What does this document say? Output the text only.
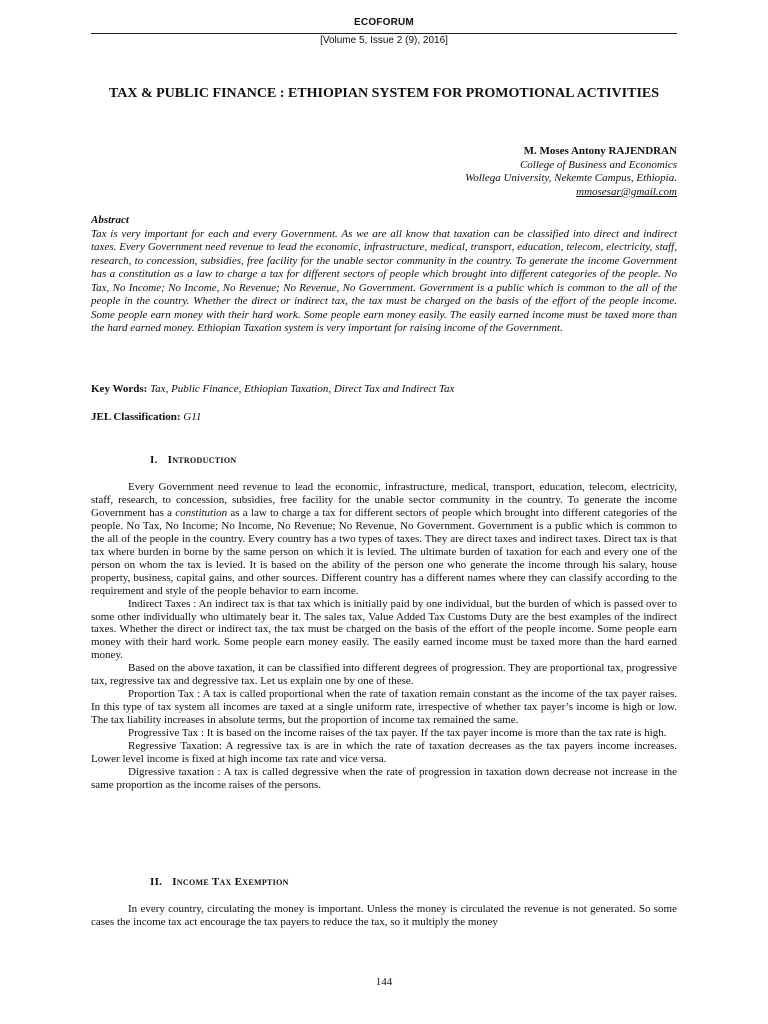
ECOFORUM
[Volume 5, Issue 2 (9), 2016]
TAX & PUBLIC FINANCE : ETHIOPIAN SYSTEM FOR PROMOTIONAL ACTIVITIES
M. Moses Antony RAJENDRAN
College of Business and Economics
Wollega University, Nekemte Campus, Ethiopia.
mmosesar@gmail.com
Abstract
Tax is very important for each and every Government. As we are all know that taxation can be classified into direct and indirect taxes. Every Government need revenue to lead the economic, infrastructure, medical, transport, education, telecom, electricity, staff, research, to concession, subsidies, free facility for the unable sector community in the country. To generate the income Government has a constitution as a law to charge a tax for different sectors of people which brought into different categories of the people. No Tax, No Income; No Income, No Revenue; No Revenue, No Government. Government is a public which is common to the all of the people in the country. Whether the direct or indirect tax, the tax must be charged on the basis of the effort of the people income. Some people earn money with their hard work. Some people earn money easily. The easily earned income must be taxed more than the hard earned money. Ethiopian Taxation system is very important for raising income of the Government.
Key Words: Tax, Public Finance, Ethiopian Taxation, Direct Tax and Indirect Tax
JEL Classification: G11
I. Introduction

Every Government need revenue to lead the economic, infrastructure, medical, transport, education, telecom, electricity, staff, research, to concession, subsidies, free facility for the unable sector community in the country. To generate the income Government has a constitution as a law to charge a tax for different sectors of people which brought into different categories of the people. No Tax, No Income; No Income, No Revenue; No Revenue, No Government. Government is a public which is common to the all of the people in the country. Every country has a two types of taxes. They are direct taxes and indirect taxes. Direct tax is that tax where burden in borne by the same person on which it is levied. The ultimate burden of taxation for each and every one of the person on whom the tax is levied. It is based on the ability of the person one who generate the income through his salary, house property, business, capital gains, and other sources. Different country has a different names where they can classify according to the requirement and style of the people behavior to earn income.

Indirect Taxes : An indirect tax is that tax which is initially paid by one individual, but the burden of which is passed over to some other individually who ultimately bear it. The sales tax, Value Added Tax Customs Duty are the best examples of the indirect taxes. Whether the direct or indirect tax, the tax must be charged on the basis of the effort of the people income. Some people earn money with their hard work. Some people earn money easily. The easily earned income must be taxed more than the hard earned money.

Based on the above taxation, it can be classified into different degrees of progression. They are proportional tax, progressive tax, regressive tax and degressive tax. Let us explain one by one of these.

Proportion Tax : A tax is called proportional when the rate of taxation remain constant as the income of the tax payer raises. In this type of tax system all incomes are taxed at a single uniform rate, irrespective of whether tax payer’s income is high or low. The tax liability increases in absolute terms, but the proportion of income tax remained the same.

Progressive Tax : It is based on the income raises of the tax payer. If the tax payer income is more than the tax rate is high.

Regressive Taxation: A regressive tax is are in which the rate of taxation decreases as the tax payers income increases. Lower level income is fixed at high income tax rate and vice versa.

Digressive taxation : A tax is called degressive when the rate of progression in taxation down decrease not increase in the same proportion as the income raises of the persons.

II. Income Tax Exemption

In every country, circulating the money is important. Unless the money is circulated the revenue is not generated. So some cases the income tax act encourage the tax payers to reduce the tax, so it multiply the money

144
